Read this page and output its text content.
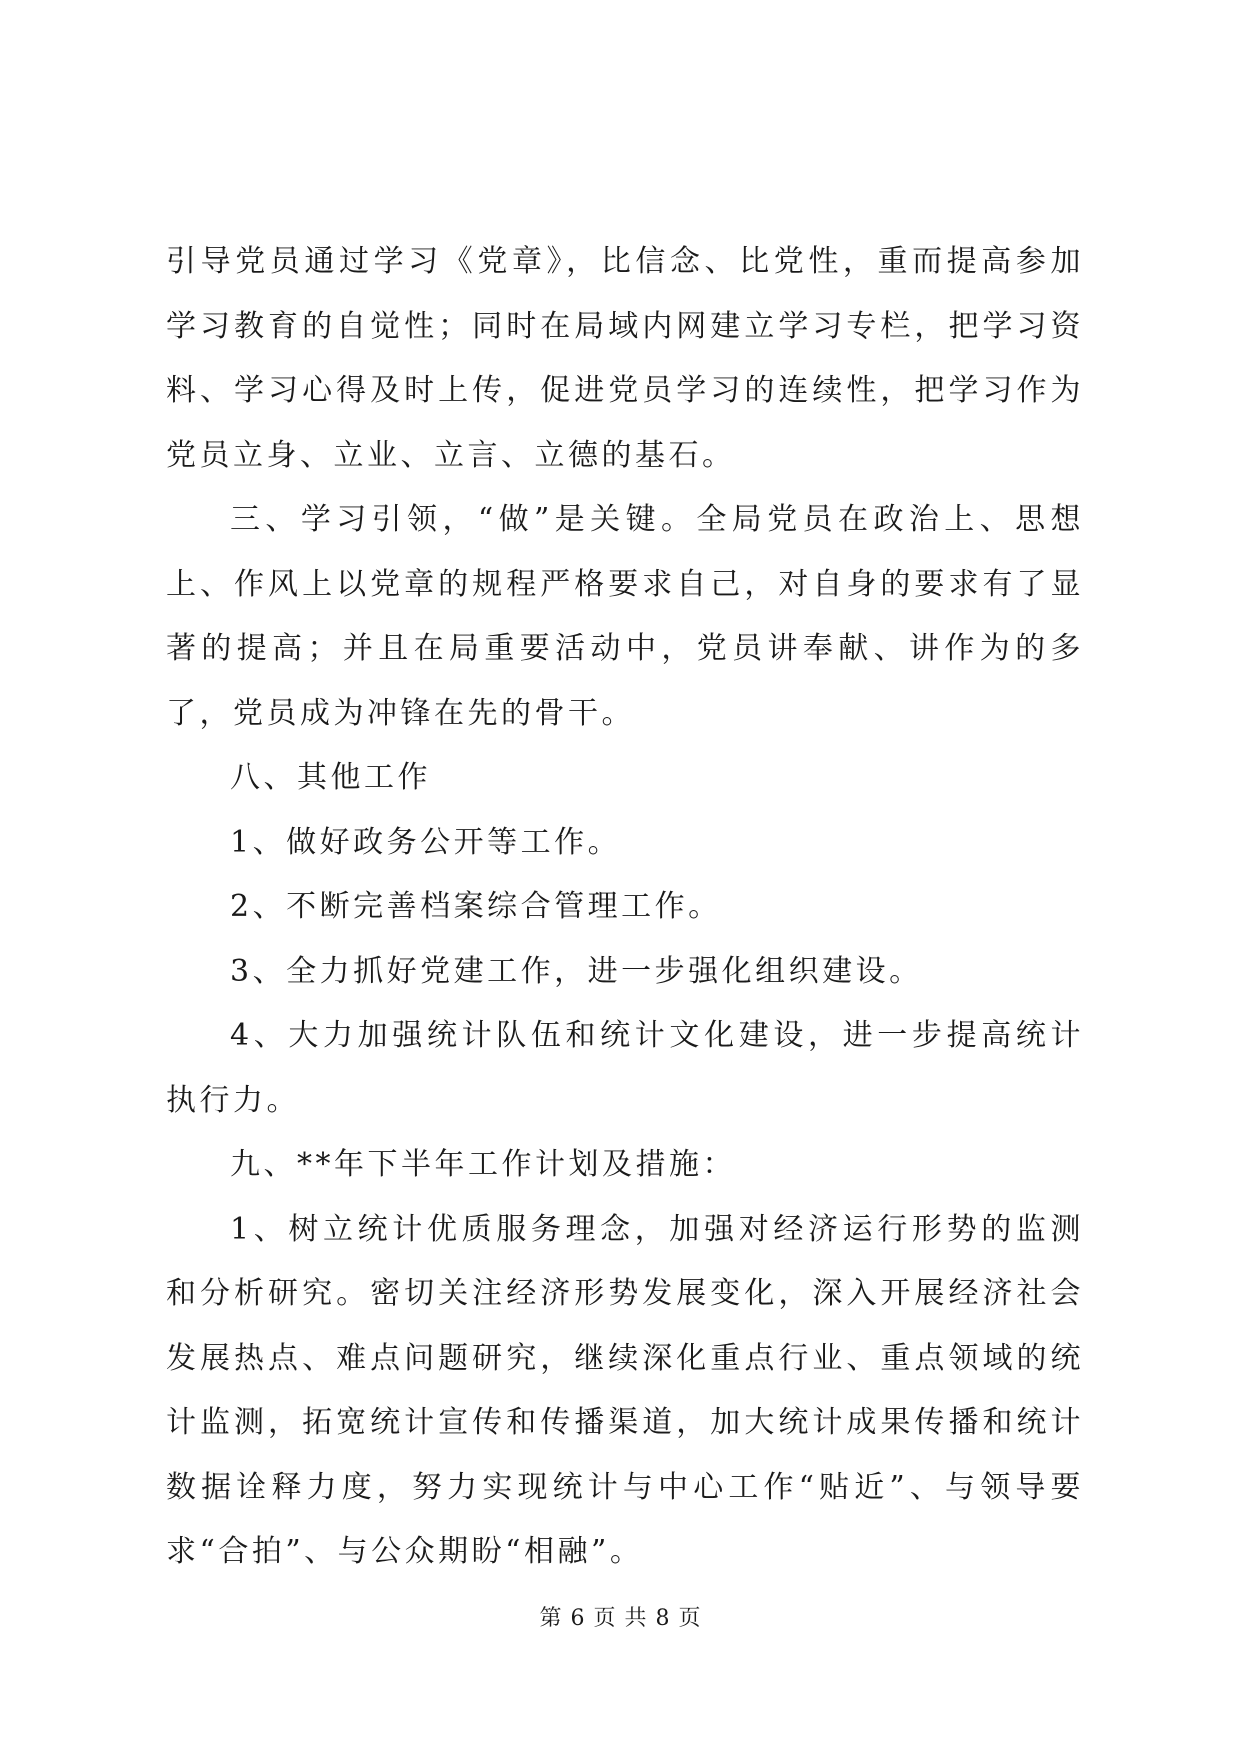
引导党员通过学习《党章》，比信念、比党性，重而提高参加学习教育的自觉性；同时在局域内网建立学习专栏，把学习资料、学习心得及时上传，促进党员学习的连续性，把学习作为党员立身、立业、立言、立德的基石。

三、学习引领，“做”是关键。全局党员在政治上、思想上、作风上以党章的规程严格要求自己，对自身的要求有了显著的提高；并且在局重要活动中，党员讲奉献、讲作为的多了，党员成为冲锋在先的骨干。

八、其他工作

1、做好政务公开等工作。

2、不断完善档案综合管理工作。

3、全力抓好党建工作，进一步强化组织建设。

4、大力加强统计队伍和统计文化建设，进一步提高统计执行力。

九、**年下半年工作计划及措施：

1、树立统计优质服务理念，加强对经济运行形势的监测和分析研究。密切关注经济形势发展变化，深入开展经济社会发展热点、难点问题研究，继续深化重点行业、重点领域的统计监测，拓宽统计宣传和传播渠道，加大统计成果传播和统计数据诠释力度，努力实现统计与中心工作“贴近”、与领导要求“合拍”、与公众期盼“相融”。

第 6 页 共 8 页
